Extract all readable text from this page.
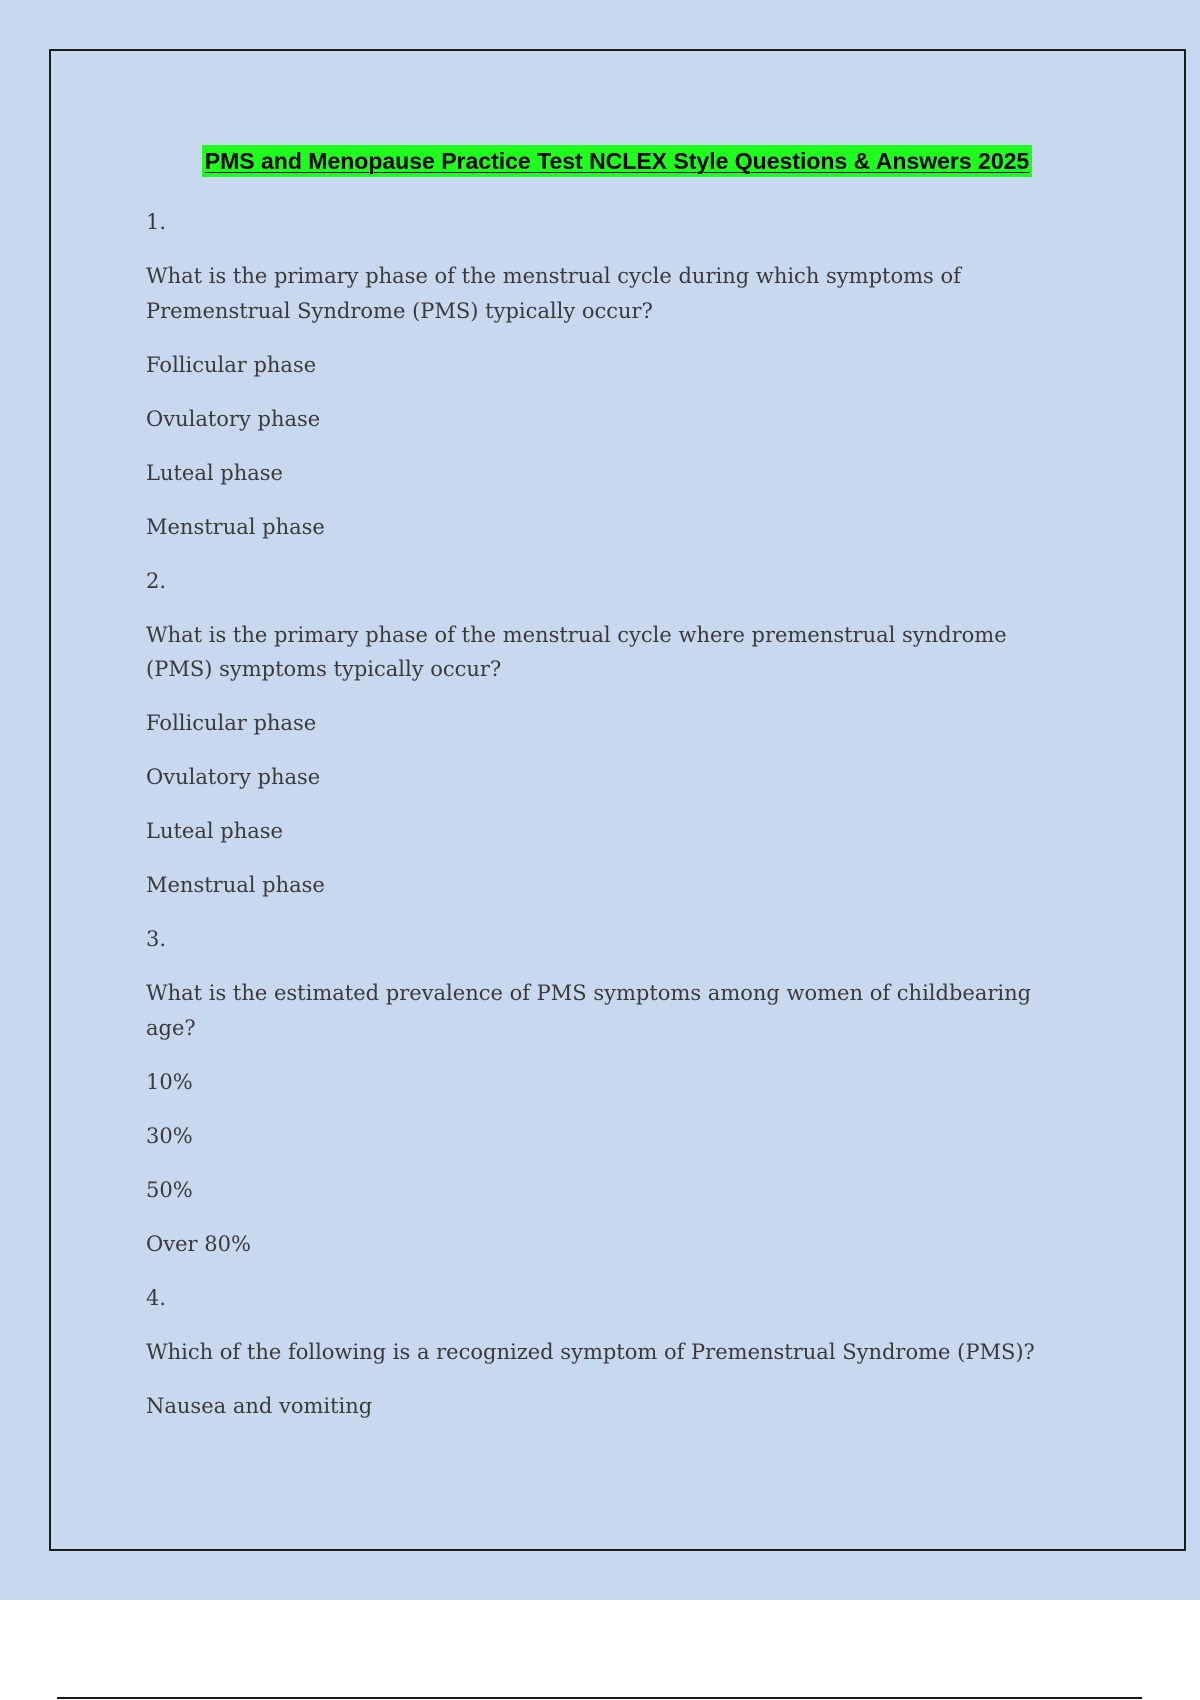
PMS and Menopause Practice Test NCLEX Style Questions & Answers 2025

1.

What is the primary phase of the menstrual cycle during which symptoms of Premenstrual Syndrome (PMS) typically occur?

Follicular phase

Ovulatory phase

Luteal phase

Menstrual phase

2.

What is the primary phase of the menstrual cycle where premenstrual syndrome (PMS) symptoms typically occur?

Follicular phase

Ovulatory phase

Luteal phase

Menstrual phase

3.

What is the estimated prevalence of PMS symptoms among women of childbearing age?

10%

30%

50%

Over 80%

4.

Which of the following is a recognized symptom of Premenstrual Syndrome (PMS)?

Nausea and vomiting
